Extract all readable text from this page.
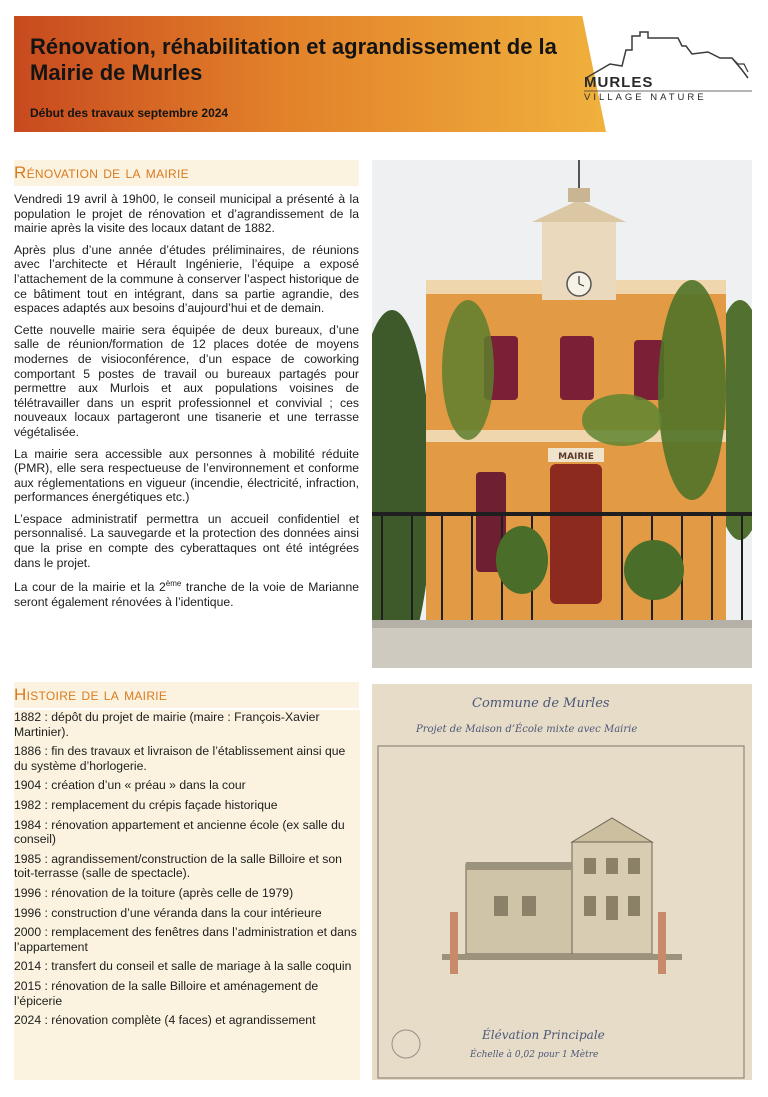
Rénovation, réhabilitation et agrandissement de la Mairie de Murles
Début des travaux septembre 2024
MURLES
VILLAGE NATURE
Rénovation de la mairie

Vendredi 19 avril à 19h00, le conseil municipal a présenté à la population le projet de rénovation et d’agrandissement de la mairie après la visite des locaux datant de 1882.

Après plus d’une année d’études préliminaires, de réunions avec l’architecte et Hérault Ingénierie, l’équipe a exposé l’attachement de la commune à conserver l’aspect historique de ce bâtiment tout en intégrant, dans sa partie agrandie, des espaces adaptés aux besoins d’aujourd’hui et de demain.

Cette nouvelle mairie sera équipée de deux bureaux, d’une salle de réunion/formation de 12 places dotée de moyens modernes de visioconférence, d’un espace de coworking comportant 5 postes de travail ou bureaux partagés pour permettre aux Murlois et aux populations voisines de télétravailler dans un esprit professionnel et convivial ; ces nouveaux locaux partageront une tisanerie et une terrasse végétalisée.

La mairie sera accessible aux personnes à mobilité réduite (PMR), elle sera respectueuse de l’environnement et conforme aux réglementations en vigueur (incendie, électricité, infraction, performances énergétiques etc.)

L’espace administratif permettra un accueil confidentiel et personnalisé. La sauvegarde et la protection des données ainsi que la prise en compte des cyberattaques ont été intégrées dans le projet.

La cour de la mairie et la 2ème tranche de la voie de Marianne seront également rénovées à l’identique.

MAIRIE
Histoire de la mairie
1882 : dépôt du projet de mairie (maire : François-Xavier Martinier).
1886 : fin des travaux et livraison de l’établissement ainsi que du système d’horlogerie.
1904 : création d’un « préau » dans la cour
1982 : remplacement du crépis façade historique
1984 : rénovation appartement et ancienne école (ex salle du conseil)
1985 : agrandissement/construction de la salle Billoire et son toit-terrasse (salle de spectacle).
1996 : rénovation de la toiture (après celle de 1979)
1996 : construction d’une véranda dans la cour intérieure
2000 : remplacement des fenêtres dans l’administration et dans l’appartement
2014 : transfert du conseil et salle de mariage à la salle coquin
2015 : rénovation de la salle Billoire et aménagement de l’épicerie
2024 : rénovation complète (4 faces) et agrandissement
Commune de Murles
Projet de Maison d’École mixte avec Mairie
Élévation Principale
Échelle à 0,02 pour 1 Mètre
